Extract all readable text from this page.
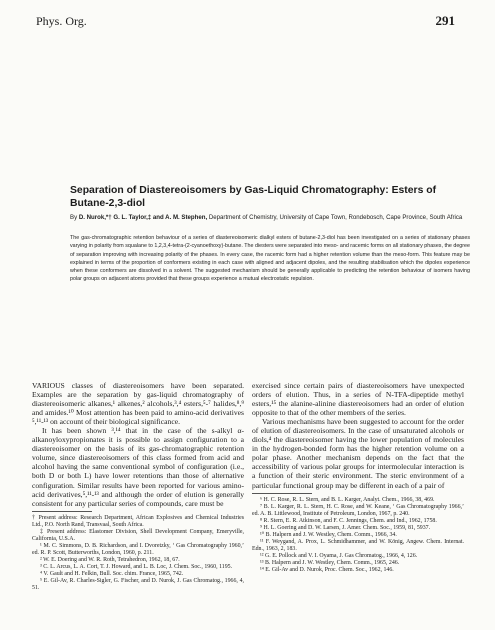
Phys. Org.	291
Separation of Diastereoisomers by Gas-Liquid Chromatography: Esters of Butane-2,3-diol
By D. Nurok,*† G. L. Taylor,‡ and A. M. Stephen, Department of Chemistry, University of Cape Town, Rondebosch, Cape Province, South Africa
The gas-chromatographic retention behaviour of a series of diastereoisomeric dialkyl esters of butane-2,3-diol has been investigated on a series of stationary phases varying in polarity from squalane to 1,2,3,4-tetra-(2-cyanoethoxy)-butane. The diesters were separated into meso- and racemic forms on all stationary phases, the degree of separation improving with increasing polarity of the phases. In every case, the racemic form had a higher retention volume than the meso-form. This feature may be explained in terms of the proportion of conformers existing in each case with aligned and adjacent dipoles, and the resulting stabilisation which the dipoles experience when these conformers are dissolved in a solvent. The suggested mechanism should be generally applicable to predicting the retention behaviour of isomers having polar groups on adjacent atoms provided that these groups experience a mutual electrostatic repulsion.

VARIOUS classes of diastereoisomers have been separated. Examples are the separation by gas-liquid chromatography of diastereoisomeric alkanes,¹ alkenes,² alcohols,³,⁴ esters,⁵-⁷ halides,⁸,⁹ and amides.¹⁰ Most attention has been paid to amino-acid derivatives ⁵,¹¹-¹³ on account of their biological significance.

It has been shown ³,¹⁴ that in the case of the s-alkyl α-alkanoyloxypropionates it is possible to assign configuration to a diastereoisomer on the basis of its gas-chromatographic retention volume, since diastereoisomers of this class formed from acid and alcohol having the same conventional symbol of configuration (i.e., both D or both L) have lower retentions than those of alternative configuration. Similar results have been reported for various amino-acid derivatives,⁵,¹¹-¹³ and although the order of elution is generally consistent for any particular series of compounds, care must be

† Present address: Research Department, African Explosives and Chemical Industries Ltd., P.O. North Rand, Transvaal, South Africa.

‡ Present address: Elastomer Division, Shell Development Company, Emeryville, California, U.S.A.

¹ M. C. Simmons, D. B. Richardson, and I. Dvoretzky, ‘ Gas Chromatography 1960,’ ed. R. P. Scott, Butterworths, London, 1960, p. 211.

² W. E. Doering and W. R. Roth, Tetrahedron, 1962, 18, 67.

³ C. L. Arcus, L. A. Cort, T. J. Howard, and L. B. Loc, J. Chem. Soc., 1960, 1195.

⁴ V. Gault and H. Felkin, Bull. Soc. chim. France, 1965, 742.

⁵ E. Gil-Av, R. Charles-Sigler, G. Fischer, and D. Nurok, J. Gas Chromatog., 1966, 4, 51.

exercised since certain pairs of diastereoisomers have unexpected orders of elution. Thus, in a series of N-TFA-dipeptide methyl esters,¹⁵ the alanine-alinine diastereoisomers had an order of elution opposite to that of the other members of the series.

Various mechanisms have been suggested to account for the order of elution of diastereoisomers. In the case of unsaturated alcohols or diols,⁴ the diastereoisomer having the lower population of molecules in the hydrogen-bonded form has the higher retention volume on a polar phase. Another mechanism depends on the fact that the accessibility of various polar groups for intermolecular interaction is a function of their steric environment. The steric environment of a particular functional group may be different in each of a pair of

⁶ H. C. Rose, R. L. Stern, and B. L. Karger, Analyt. Chem., 1966, 38, 469.

⁷ B. L. Karger, R. L. Stern, H. C. Rose, and W. Keane, ‘ Gas Chromatography 1966,’ ed. A. B. Littlewood, Institute of Petroleum, London, 1967, p. 240.

⁸ R. Stern, E. R. Atkinson, and F. C. Jennings, Chem. and Ind., 1962, 1758.

⁹ H. L. Goering and D. W. Larsen, J. Amer. Chem. Soc., 1959, 81, 5937.

¹⁰ B. Halpern and J. W. Westley, Chem. Comm., 1966, 34.

¹¹ F. Weygand, A. Prox, L. Schmidhammer, and W. König, Angew. Chem. Internat. Edn., 1963, 2, 183.

¹² G. E. Pollock and V. I. Oyama, J. Gas Chromatog., 1966, 4, 126.

¹³ B. Halpern and J. W. Westley, Chem. Comm., 1965, 246.

¹⁴ E. Gil-Av and D. Nurok, Proc. Chem. Soc., 1962, 146.
